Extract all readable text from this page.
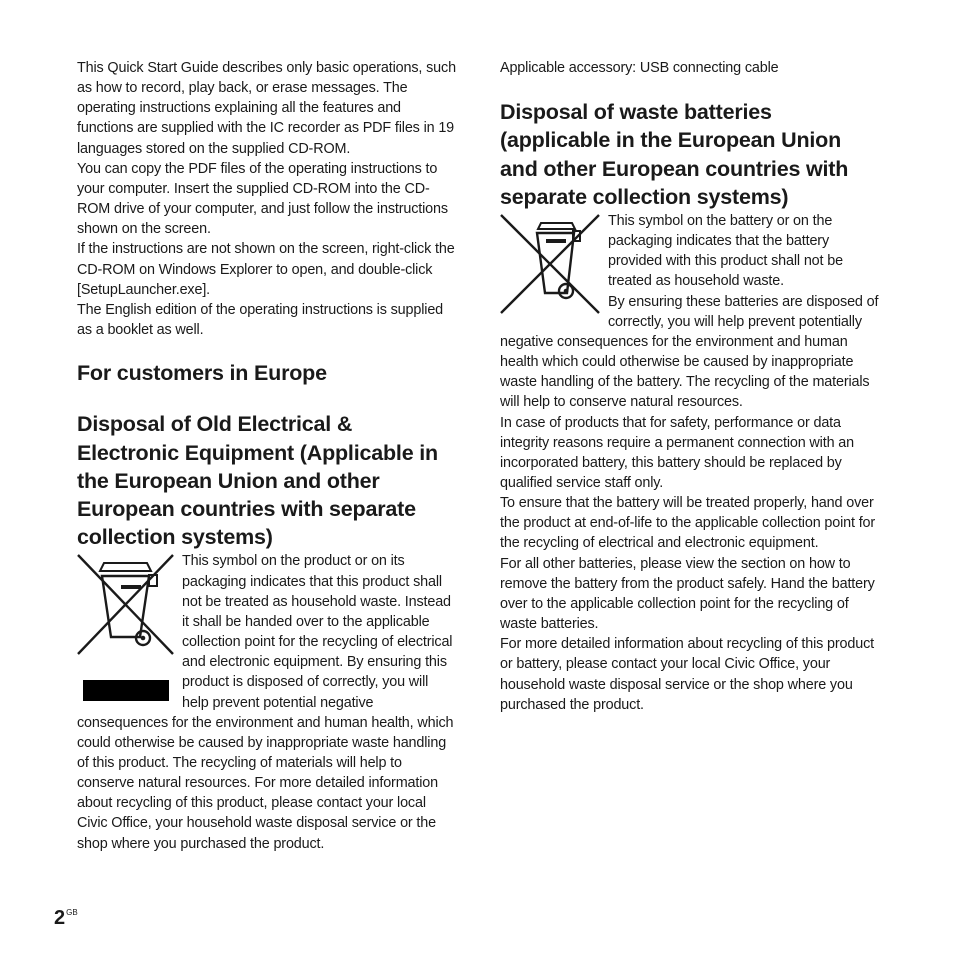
This Quick Start Guide describes only basic operations, such as how to record, play back, or erase messages. The operating instructions explaining all the features and functions are supplied with the IC recorder as PDF files in 19 languages stored on the supplied CD-ROM.

You can copy the PDF files of the operating instructions to your computer. Insert the supplied CD-ROM into the CD-ROM drive of your computer, and just follow the instructions shown on the screen.

If the instructions are not shown on the screen, right-click the CD-ROM on Windows Explorer to open, and double-click [SetupLauncher.exe].

The English edition of the operating instructions is supplied as a booklet as well.

For customers in Europe
Disposal of Old Electrical & Electronic Equipment (Applicable in the European Union and other European countries with separate collection systems)

This symbol on the product or on its packaging indicates that this product shall not be treated as household waste. Instead it shall be handed over to the applicable collection point for the recycling of electrical and electronic equipment. By ensuring this product is disposed of correctly, you will help prevent potential negative consequences for the environment and human health, which could otherwise be caused by inappropriate waste handling of this product. The recycling of materials will help to conserve natural resources. For more detailed information about recycling of this product, please contact your local Civic Office, your household waste disposal service or the shop where you purchased the product.

Applicable accessory: USB connecting cable

Disposal of waste batteries (applicable in the European Union and other European countries with separate collection systems)

This symbol on the battery or on the packaging indicates that the battery provided with this product shall not be treated as household waste.

By ensuring these batteries are disposed of correctly, you will help prevent potentially negative consequences for the environment and human health which could otherwise be caused by inappropriate waste handling of the battery. The recycling of the materials will help to conserve natural resources.

In case of products that for safety, performance or data integrity reasons require a permanent connection with an incorporated battery, this battery should be replaced by qualified service staff only.

To ensure that the battery will be treated properly, hand over the product at end-of-life to the applicable collection point for the recycling of electrical and electronic equipment.

For all other batteries, please view the section on how to remove the battery from the product safely. Hand the battery over to the applicable collection point for the recycling of waste batteries.

For more detailed information about recycling of this product or battery, please contact your local Civic Office, your household waste disposal service or the shop where you purchased the product.

$2^{GB}$
